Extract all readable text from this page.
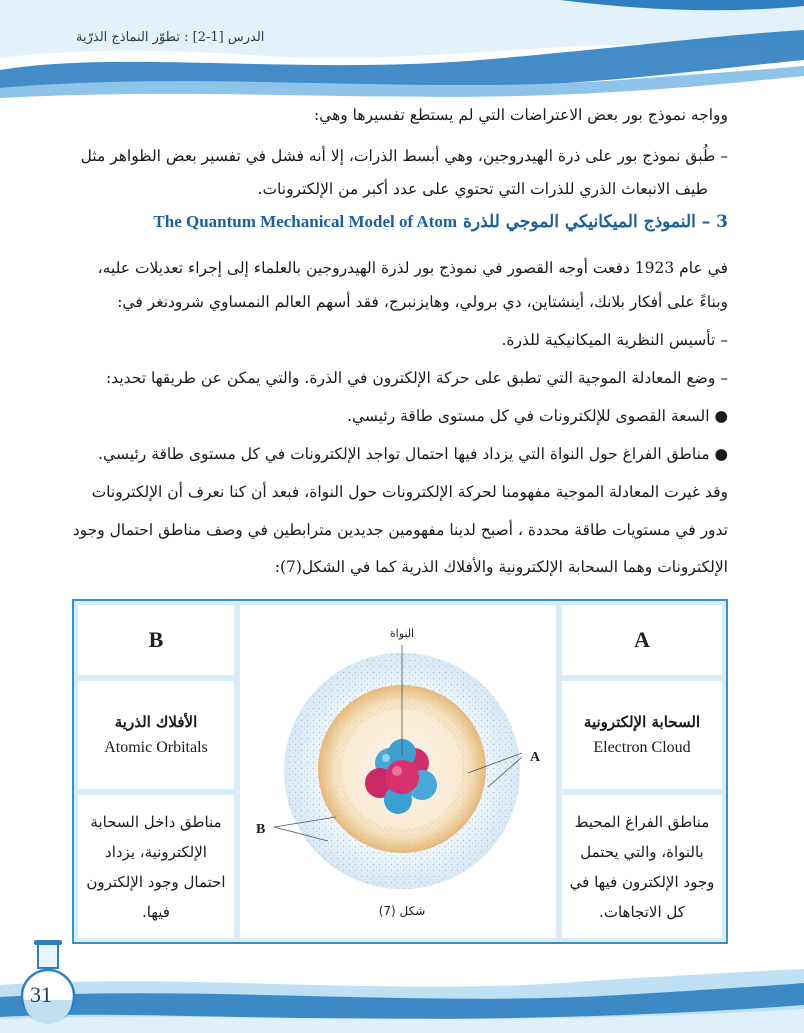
الدرس [1-2] : تطوّر النماذج الذرّية
وواجه نموذج بور بعض الاعتراضات التي لم يستطع تفسيرها وهي:
– طُبق نموذج بور على ذرة الهيدروجين، وهي أبسط الذرات، إلا أنه فشل في تفسير بعض الظواهر مثل
طيف الانبعاث الذري للذرات التي تحتوي على عدد أكبر من الإلكترونات.
3 – النموذج الميكانيكي الموجي للذرة The Quantum Mechanical Model of Atom
في عام 1923 دفعت أوجه القصور في نموذج بور لذرة الهيدروجين بالعلماء إلى إجراء تعديلات عليه،
وبناءً على أفكار بلانك، أينشتاين، دي برولي، وهايزنبرج، فقد أسهم العالم النمساوي شرودنغر في:
– تأسيس النظرية الميكانيكية للذرة.
– وضع المعادلة الموجية التي تطبق على حركة الإلكترون في الذرة. والتي يمكن عن طريقها تحديد:
● السعة القصوى للإلكترونات في كل مستوى طاقة رئيسي.
● مناطق الفراغ حول النواة التي يزداد فيها احتمال تواجد الإلكترونات في كل مستوى طاقة رئيسي.
وقد غيرت المعادلة الموجية مفهومنا لحركة الإلكترونات حول النواة، فبعد أن كنا نعرف أن الإلكترونات
تدور في مستويات طاقة محددة ، أصبح لدينا مفهومين جديدين مترابطين في وصف مناطق احتمال وجود
الإلكترونات وهما السحابة الإلكترونية والأفلاك الذرية كما في الشكل(7):
A
السحابة الإلكترونية
Electron Cloud
مناطق الفراغ المحيط
بالنواة، والتي يحتمل
وجود الإلكترون فيها في
كل الاتجاهات.
B
الأفلاك الذرية
Atomic Orbitals
مناطق داخل السحابة
الإلكترونية، يزداد
احتمال وجود الإلكترون
فيها.
النواة
A
B
شكل (7)
31
